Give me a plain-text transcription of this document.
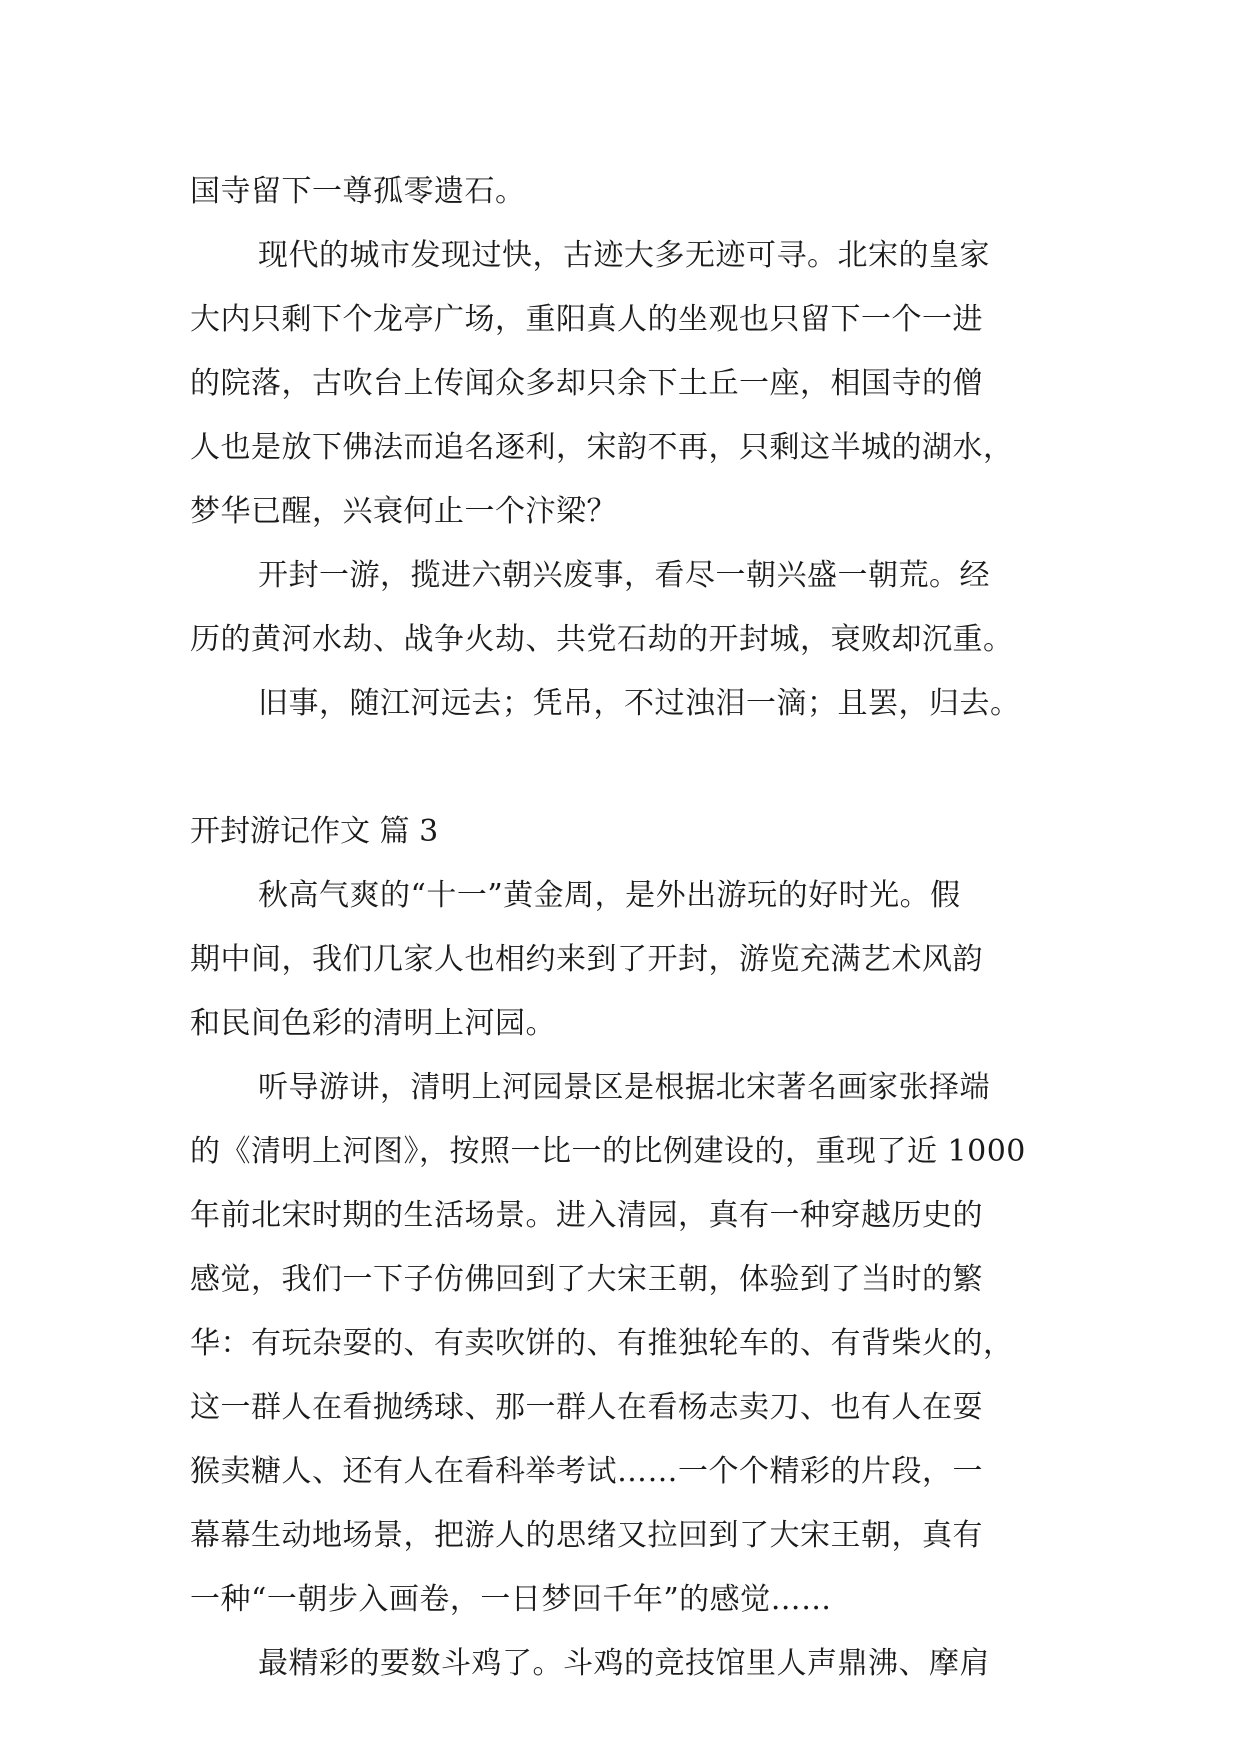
国寺留下一尊孤零遗石。
现代的城市发现过快，古迹大多无迹可寻。北宋的皇家
大内只剩下个龙亭广场，重阳真人的坐观也只留下一个一进
的院落，古吹台上传闻众多却只余下土丘一座，相国寺的僧
人也是放下佛法而追名逐利，宋韵不再，只剩这半城的湖水，
梦华已醒，兴衰何止一个汴梁？
开封一游，揽进六朝兴废事，看尽一朝兴盛一朝荒。经
历的黄河水劫、战争火劫、共党石劫的开封城，衰败却沉重。
旧事，随江河远去；凭吊，不过浊泪一滴；且罢，归去。
开封游记作文 篇 3
秋高气爽的“十一”黄金周，是外出游玩的好时光。假
期中间，我们几家人也相约来到了开封，游览充满艺术风韵
和民间色彩的清明上河园。
听导游讲，清明上河园景区是根据北宋著名画家张择端
的《清明上河图》，按照一比一的比例建设的，重现了近 1000
年前北宋时期的生活场景。进入清园，真有一种穿越历史的
感觉，我们一下子仿佛回到了大宋王朝，体验到了当时的繁
华：有玩杂耍的、有卖吹饼的、有推独轮车的、有背柴火的，
这一群人在看抛绣球、那一群人在看杨志卖刀、也有人在耍
猴卖糖人、还有人在看科举考试……一个个精彩的片段，一
幕幕生动地场景，把游人的思绪又拉回到了大宋王朝，真有
一种“一朝步入画卷，一日梦回千年”的感觉……
最精彩的要数斗鸡了。斗鸡的竞技馆里人声鼎沸、摩肩
